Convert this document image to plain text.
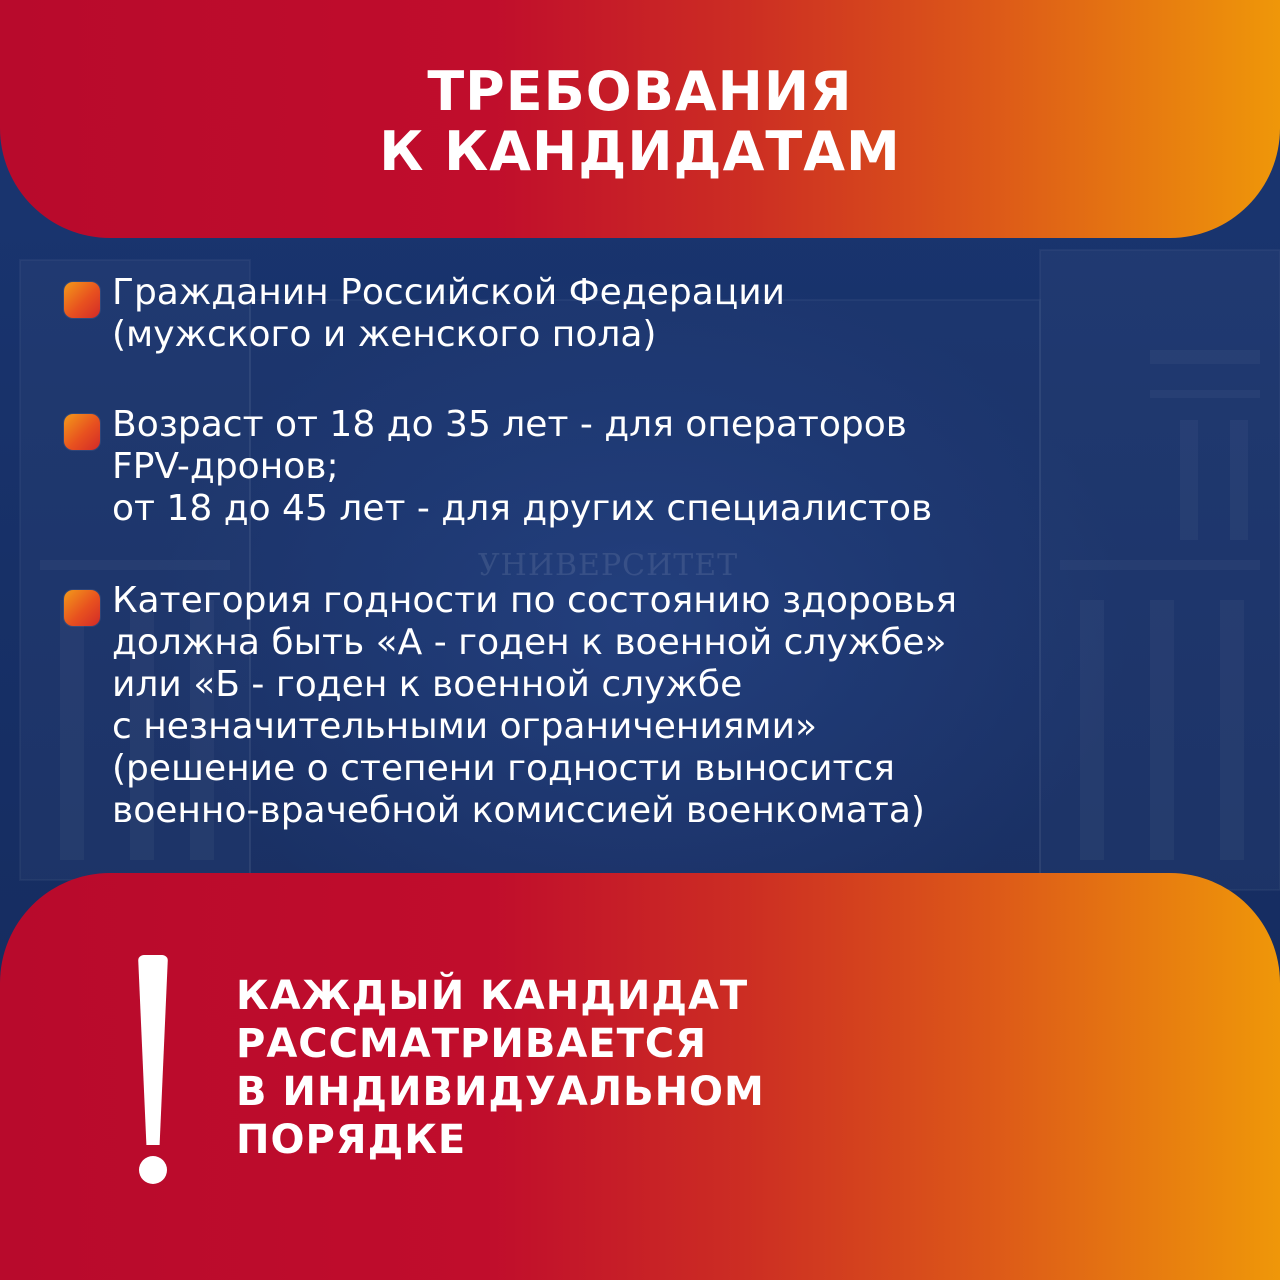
УНИВЕРСИТЕТ
ТРЕБОВАНИЯ
К КАНДИДАТАМ
Гражданин Российской Федерации
(мужского и женского пола)
Возраст от 18 до 35 лет - для операторов
FPV-дронов;
от 18 до 45 лет - для других специалистов
Категория годности по состоянию здоровья
должна быть «А - годен к военной службе»
или «Б - годен к военной службе
с незначительными ограничениями»
(решение о степени годности выносится
военно-врачебной комиссией военкомата)
КАЖДЫЙ КАНДИДАТ
РАССМАТРИВАЕТСЯ
В ИНДИВИДУАЛЬНОМ
ПОРЯДКЕ
